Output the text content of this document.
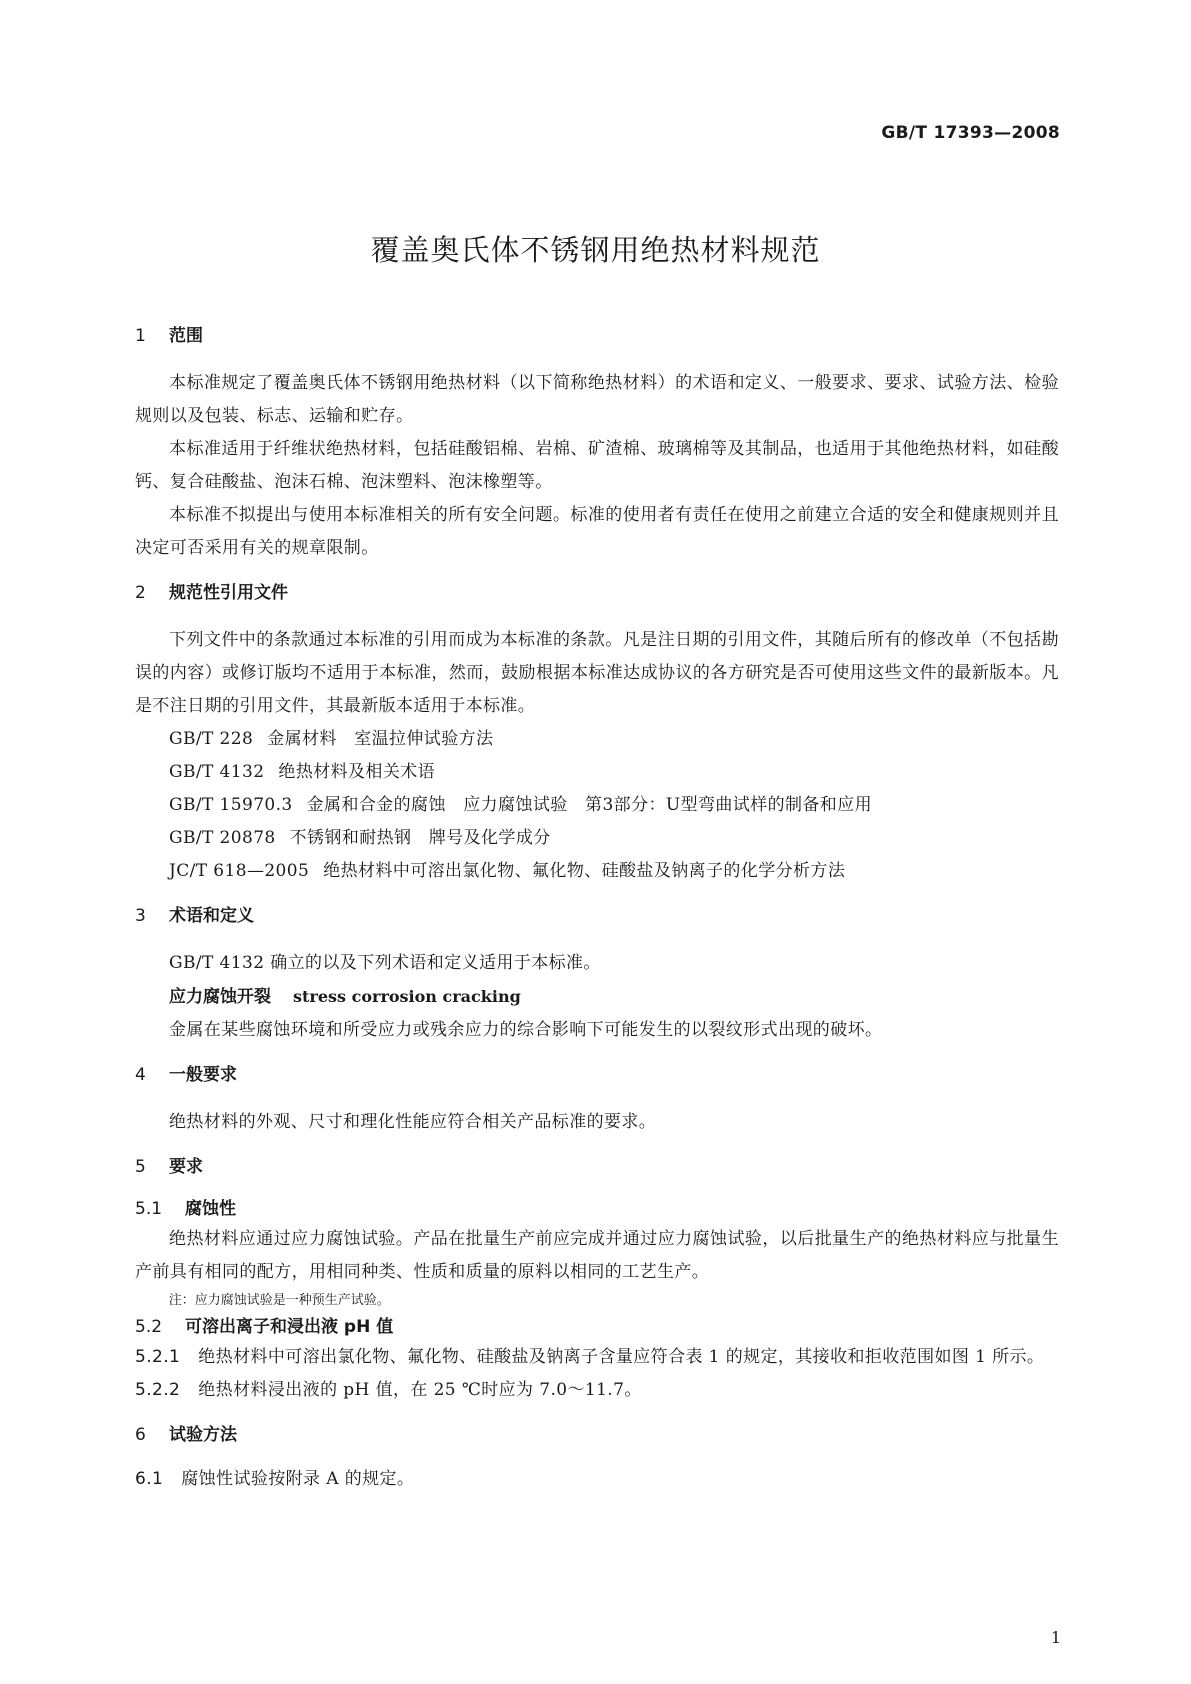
GB/T 17393—2008
覆盖奥氏体不锈钢用绝热材料规范
1 范围
本标准规定了覆盖奥氏体不锈钢用绝热材料（以下简称绝热材料）的术语和定义、一般要求、要求、试验方法、检验规则以及包装、标志、运输和贮存。
本标准适用于纤维状绝热材料，包括硅酸铝棉、岩棉、矿渣棉、玻璃棉等及其制品，也适用于其他绝热材料，如硅酸钙、复合硅酸盐、泡沫石棉、泡沫塑料、泡沫橡塑等。
本标准不拟提出与使用本标准相关的所有安全问题。标准的使用者有责任在使用之前建立合适的安全和健康规则并且决定可否采用有关的规章限制。
2 规范性引用文件
下列文件中的条款通过本标准的引用而成为本标准的条款。凡是注日期的引用文件，其随后所有的修改单（不包括勘误的内容）或修订版均不适用于本标准，然而，鼓励根据本标准达成协议的各方研究是否可使用这些文件的最新版本。凡是不注日期的引用文件，其最新版本适用于本标准。
GB/T 228 金属材料　室温拉伸试验方法
GB/T 4132 绝热材料及相关术语
GB/T 15970.3 金属和合金的腐蚀　应力腐蚀试验　第3部分：U型弯曲试样的制备和应用
GB/T 20878 不锈钢和耐热钢　牌号及化学成分
JC/T 618—2005 绝热材料中可溶出氯化物、氟化物、硅酸盐及钠离子的化学分析方法
3 术语和定义
GB/T 4132 确立的以及下列术语和定义适用于本标准。
应力腐蚀开裂 stress corrosion cracking
金属在某些腐蚀环境和所受应力或残余应力的综合影响下可能发生的以裂纹形式出现的破坏。
4 一般要求
绝热材料的外观、尺寸和理化性能应符合相关产品标准的要求。
5 要求
5.1 腐蚀性
绝热材料应通过应力腐蚀试验。产品在批量生产前应完成并通过应力腐蚀试验，以后批量生产的绝热材料应与批量生产前具有相同的配方，用相同种类、性质和质量的原料以相同的工艺生产。
注：应力腐蚀试验是一种预生产试验。
5.2 可溶出离子和浸出液 pH 值
5.2.1 绝热材料中可溶出氯化物、氟化物、硅酸盐及钠离子含量应符合表 1 的规定，其接收和拒收范围如图 1 所示。
5.2.2 绝热材料浸出液的 pH 值，在 25 ℃时应为 7.0～11.7。
6 试验方法
6.1 腐蚀性试验按附录 A 的规定。
1
